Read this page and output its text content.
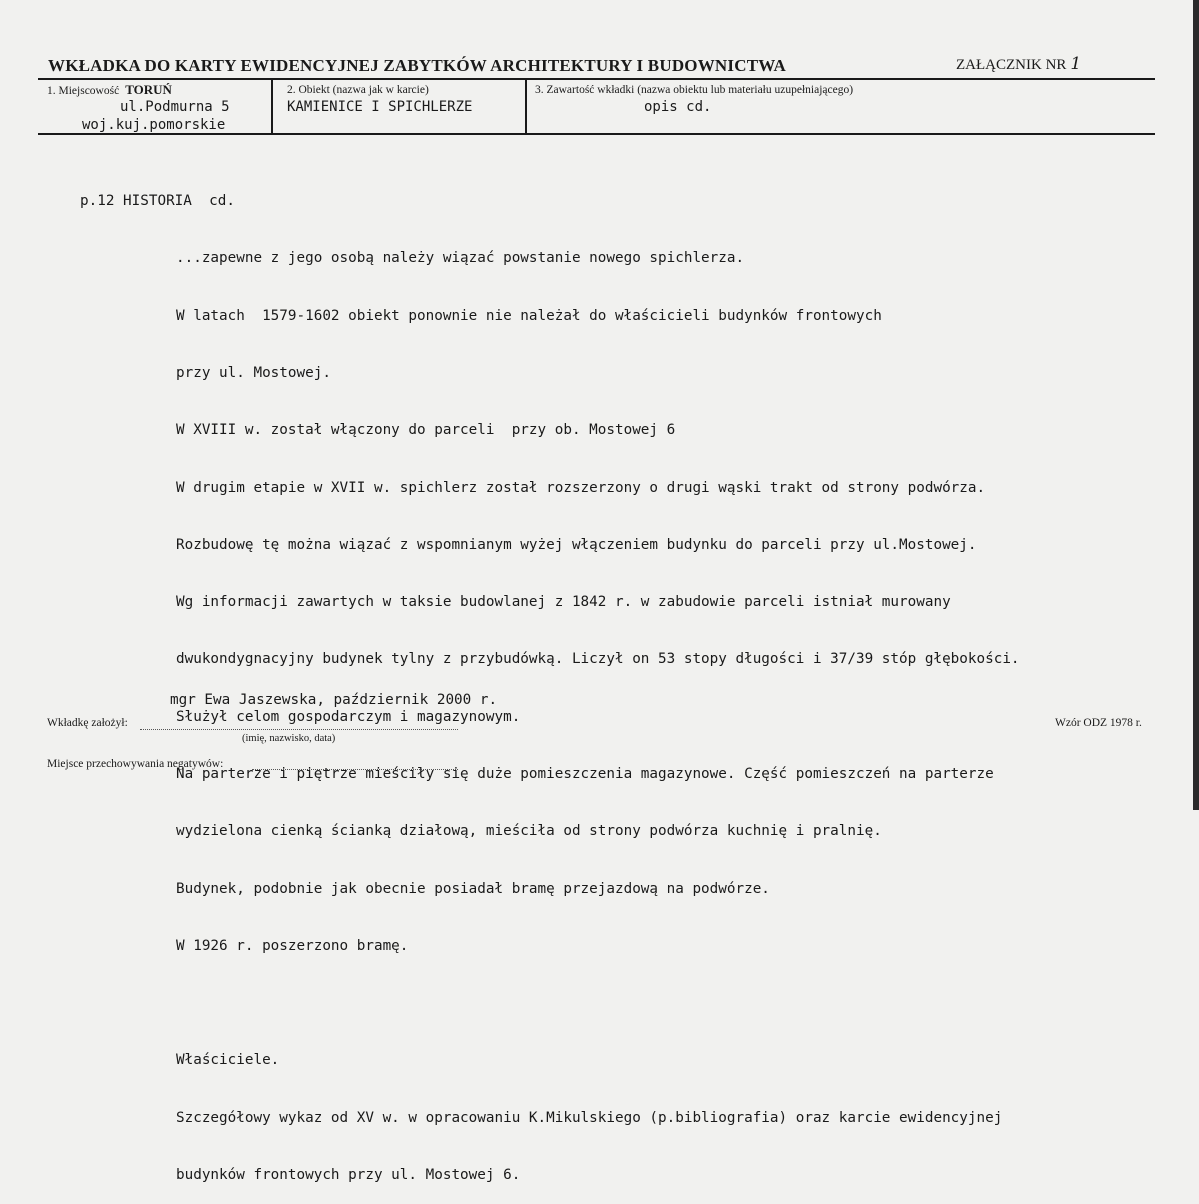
WKŁADKA DO KARTY EWIDENCYJNEJ ZABYTKÓW ARCHITEKTURY I BUDOWNICTWA	ZAŁĄCZNIK NR 1
1. Miejscowość TORUŃ
ul.Podmurna 5
woj.kuj.pomorskie
2. Obiekt (nazwa jak w karcie)
KAMIENICE I SPICHLERZE
3. Zawartość wkładki (nazwa obiektu lub materiału uzupełniającego)
opis cd.

p.12 HISTORIA  cd.

...zapewne z jego osobą należy wiązać powstanie nowego spichlerza.

W latach  1579-1602 obiekt ponownie nie należał do właścicieli budynków frontowych

przy ul. Mostowej.

W XVIII w. został włączony do parceli  przy ob. Mostowej 6

W drugim etapie w XVII w. spichlerz został rozszerzony o drugi wąski trakt od strony podwórza.

Rozbudowę tę można wiązać z wspomnianym wyżej włączeniem budynku do parceli przy ul.Mostowej.

Wg informacji zawartych w taksie budowlanej z 1842 r. w zabudowie parceli istniał murowany

dwukondygnacyjny budynek tylny z przybudówką. Liczył on 53 stopy długości i 37/39 stóp głębokości.

Służył celom gospodarczym i magazynowym.

Na parterze i piętrze mieściły się duże pomieszczenia magazynowe. Część pomieszczeń na parterze

wydzielona cienką ścianką działową, mieściła od strony podwórza kuchnię i pralnię.

Budynek, podobnie jak obecnie posiadał bramę przejazdową na podwórze.

W 1926 r. poszerzono bramę.

Właściciele.

Szczegółowy wykaz od XV w. w opracowaniu K.Mikulskiego (p.bibliografia) oraz karcie ewidencyjnej

budynków frontowych przy ul. Mostowej 6.

mgr Ewa Jaszewska, październik 2000 r.
Wkładkę założył:
(imię, nazwisko, data)
Wzór ODZ 1978 r.
Miejsce przechowywania negatywów:
